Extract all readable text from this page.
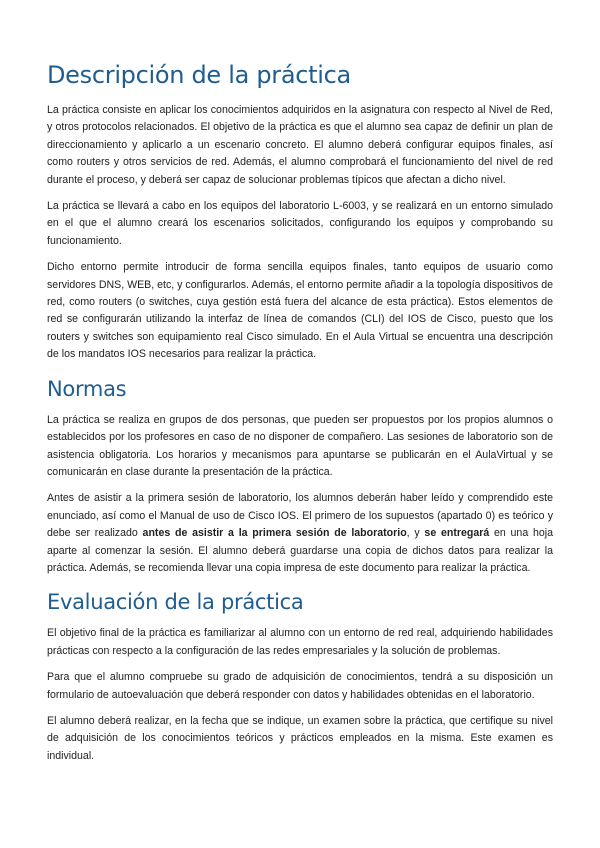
Descripción de la práctica

La práctica consiste en aplicar los conocimientos adquiridos en la asignatura con respecto al Nivel de Red, y otros protocolos relacionados. El objetivo de la práctica es que el alumno sea capaz de definir un plan de direccionamiento y aplicarlo a un escenario concreto. El alumno deberá configurar equipos finales, así como routers y otros servicios de red. Además, el alumno comprobará el funcionamiento del nivel de red durante el proceso, y deberá ser capaz de solucionar problemas típicos que afectan a dicho nivel.

La práctica se llevará a cabo en los equipos del laboratorio L-6003, y se realizará en un entorno simulado en el que el alumno creará los escenarios solicitados, configurando los equipos y comprobando su funcionamiento.

Dicho entorno permite introducir de forma sencilla equipos finales, tanto equipos de usuario como servidores DNS, WEB, etc, y configurarlos. Además, el entorno permite añadir a la topología dispositivos de red, como routers (o switches, cuya gestión está fuera del alcance de esta práctica). Estos elementos de red se configurarán utilizando la interfaz de línea de comandos (CLI) del IOS de Cisco, puesto que los routers y switches son equipamiento real Cisco simulado. En el Aula Virtual se encuentra una descripción de los mandatos IOS necesarios para realizar la práctica.

Normas

La práctica se realiza en grupos de dos personas, que pueden ser propuestos por los propios alumnos o establecidos por los profesores en caso de no disponer de compañero. Las sesiones de laboratorio son de asistencia obligatoria. Los horarios y mecanismos para apuntarse se publicarán en el AulaVirtual y se comunicarán en clase durante la presentación de la práctica.

Antes de asistir a la primera sesión de laboratorio, los alumnos deberán haber leído y comprendido este enunciado, así como el Manual de uso de Cisco IOS. El primero de los supuestos (apartado 0) es teórico y debe ser realizado antes de asistir a la primera sesión de laboratorio, y se entregará en una hoja aparte al comenzar la sesión. El alumno deberá guardarse una copia de dichos datos para realizar la práctica. Además, se recomienda llevar una copia impresa de este documento para realizar la práctica.

Evaluación de la práctica

El objetivo final de la práctica es familiarizar al alumno con un entorno de red real, adquiriendo habilidades prácticas con respecto a la configuración de las redes empresariales y la solución de problemas.

Para que el alumno compruebe su grado de adquisición de conocimientos, tendrá a su disposición un formulario de autoevaluación que deberá responder con datos y habilidades obtenidas en el laboratorio.

El alumno deberá realizar, en la fecha que se indique, un examen sobre la práctica, que certifique su nivel de adquisición de los conocimientos teóricos y prácticos empleados en la misma. Este examen es individual.
